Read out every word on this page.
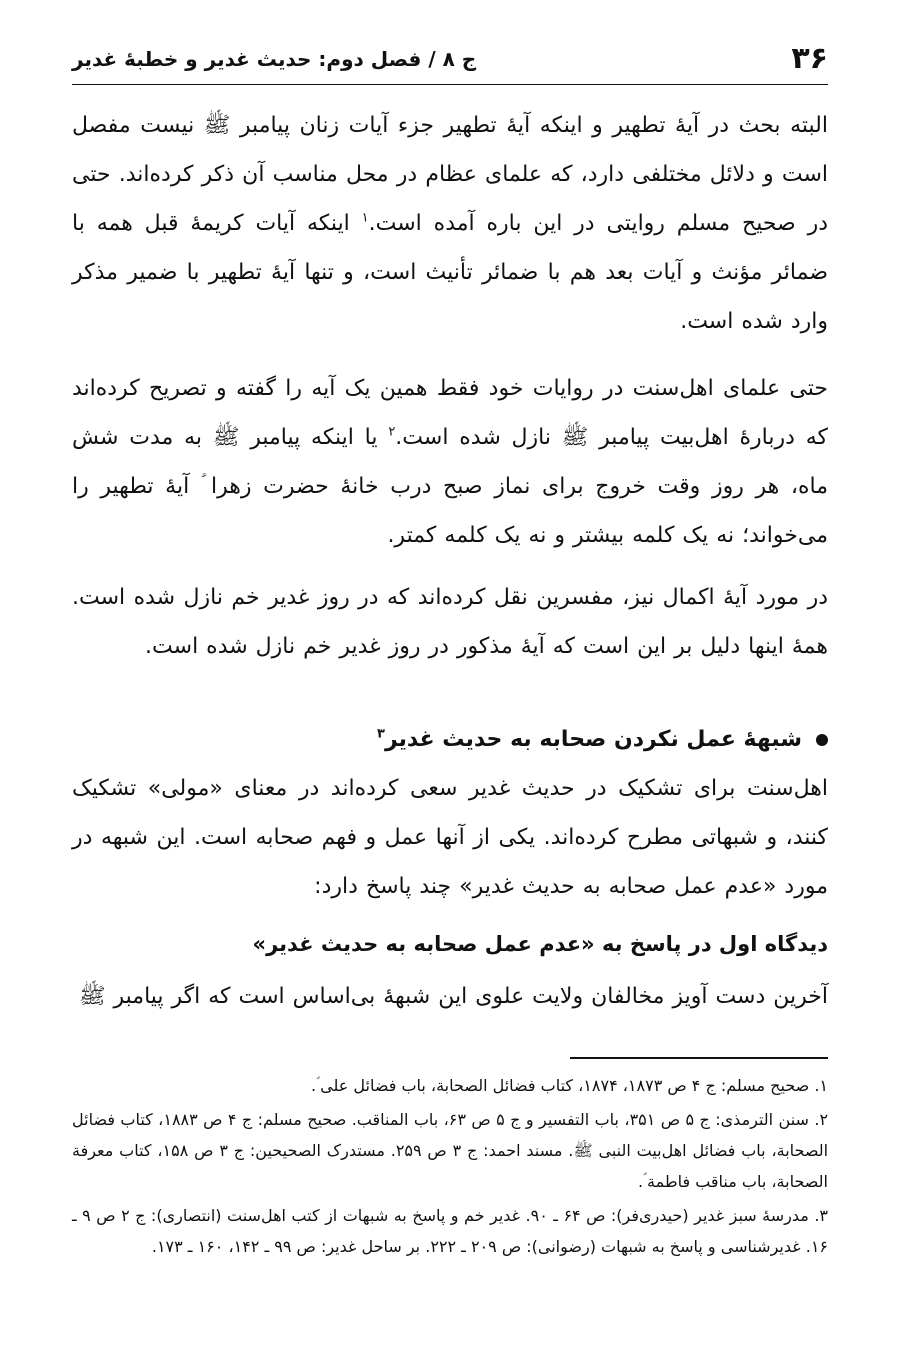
۳۶
ج ۸ / فصل دوم: حدیث غدیر و خطبۀ غدیر

البته بحث در آیۀ تطهیر و اینکه آیۀ تطهیر جزء آیات زنان پیامبر ﷺ نیست مفصل است و دلائل مختلفی دارد، که علمای عظام در محل مناسب آن ذکر کرده‌اند. حتی در صحیح مسلم روایتی در این باره آمده است.$^۱$ اینکه آیات کریمۀ قبل همه با ضمائر مؤنث و آیات بعد هم با ضمائر تأنیث است، و تنها آیۀ تطهیر با ضمیر مذکر وارد شده است.

حتی علمای اهل‌سنت در روایات خود فقط همین یک آیه را گفته و تصریح کرده‌اند که دربارۀ اهل‌بیت پیامبر ﷺ نازل شده است.$^۲$ یا اینکه پیامبر ﷺ به مدت شش ماه، هر روز وقت خروج برای نماز صبح درب خانۀ حضرت زهرا ؑ آیۀ تطهیر را می‌خواند؛ نه یک کلمه بیشتر و نه یک کلمه کمتر.

در مورد آیۀ اکمال نیز، مفسرین نقل کرده‌اند که در روز غدیر خم نازل شده است. همۀ اینها دلیل بر این است که آیۀ مذکور در روز غدیر خم نازل شده است.

شبهۀ عمل نکردن صحابه به حدیث غدیر$^۳$

اهل‌سنت برای تشکیک در حدیث غدیر سعی کرده‌اند در معنای «مولی» تشکیک کنند، و شبهاتی مطرح کرده‌اند. یکی از آنها عمل و فهم صحابه است. این شبهه در مورد «عدم عمل صحابه به حدیث غدیر» چند پاسخ دارد:

دیدگاه اول در پاسخ به «عدم عمل صحابه به حدیث غدیر»

آخرین دست آویز مخالفان ولایت علوی این شبهۀ بی‌اساس است که اگر پیامبر ﷺ

۱. صحیح مسلم: ج ۴ ص ۱۸۷۳، ۱۸۷۴، کتاب فضائل الصحابة، باب فضائل علی ؑ.
۲. سنن الترمذی: ج ۵ ص ۳۵۱، باب التفسیر و ج ۵ ص ۶۳، باب المناقب. صحیح مسلم: ج ۴ ص ۱۸۸۳، کتاب فضائل الصحابة، باب فضائل اهل‌بیت النبی ﷺ. مسند احمد: ج ۳ ص ۲۵۹. مستدرک الصحیحین: ج ۳ ص ۱۵۸، کتاب معرفة الصحابة، باب مناقب فاطمة ؑ.
۳. مدرسۀ سبز غدیر (حیدری‌فر): ص ۶۴ ـ ۹۰. غدیر خم و پاسخ به شبهات از کتب اهل‌سنت (انتصاری): ج ۲ ص ۹ ـ ۱۶. غدیرشناسی و پاسخ به شبهات (رضوانی): ص ۲۰۹ ـ ۲۲۲. بر ساحل غدیر: ص ۹۹ ـ ۱۴۲، ۱۶۰ ـ ۱۷۳.
